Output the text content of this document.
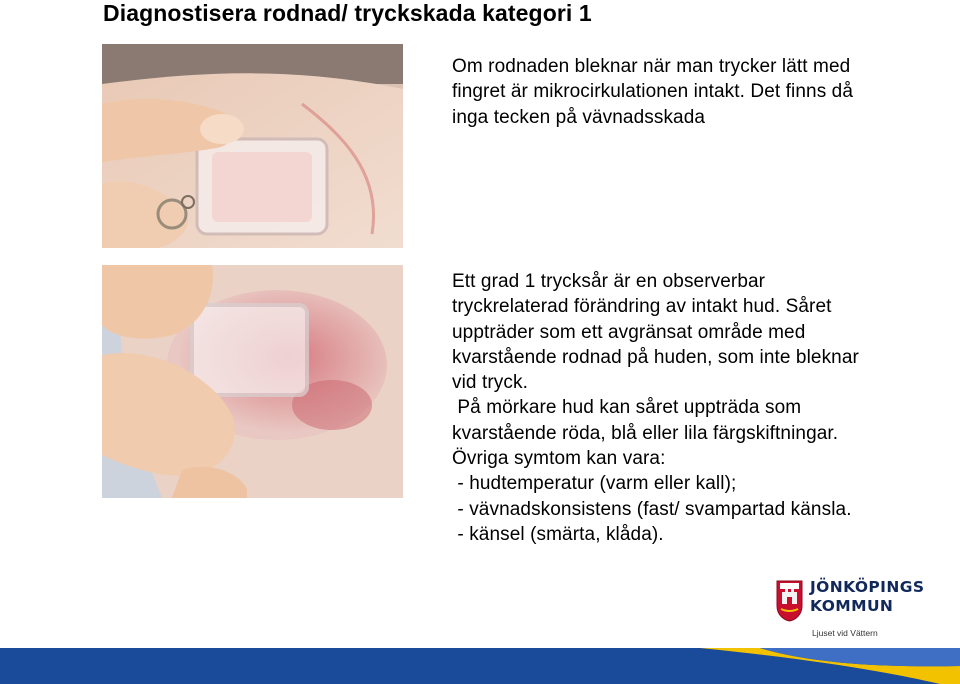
Diagnostisera rodnad/ tryckskada kategori 1
Om rodnaden bleknar när man trycker lätt med fingret är mikrocirkulationen intakt. Det finns då inga tecken på vävnadsskada

Ett grad 1 trycksår är en observerbar tryckrelaterad förändring av intakt hud. Såret uppträder som ett avgränsat område med kvarstående rodnad på huden, som inte bleknar vid tryck.

På mörkare hud kan såret uppträda som kvarstående röda, blå eller lila färgskiftningar. Övriga symtom kan vara:

- hudtemperatur (varm eller kall);

- vävnadskonsistens (fast/ svampartad känsla.

- känsel (smärta, klåda).

JÖNKÖPINGS
KOMMUN
Ljuset vid Vättern
